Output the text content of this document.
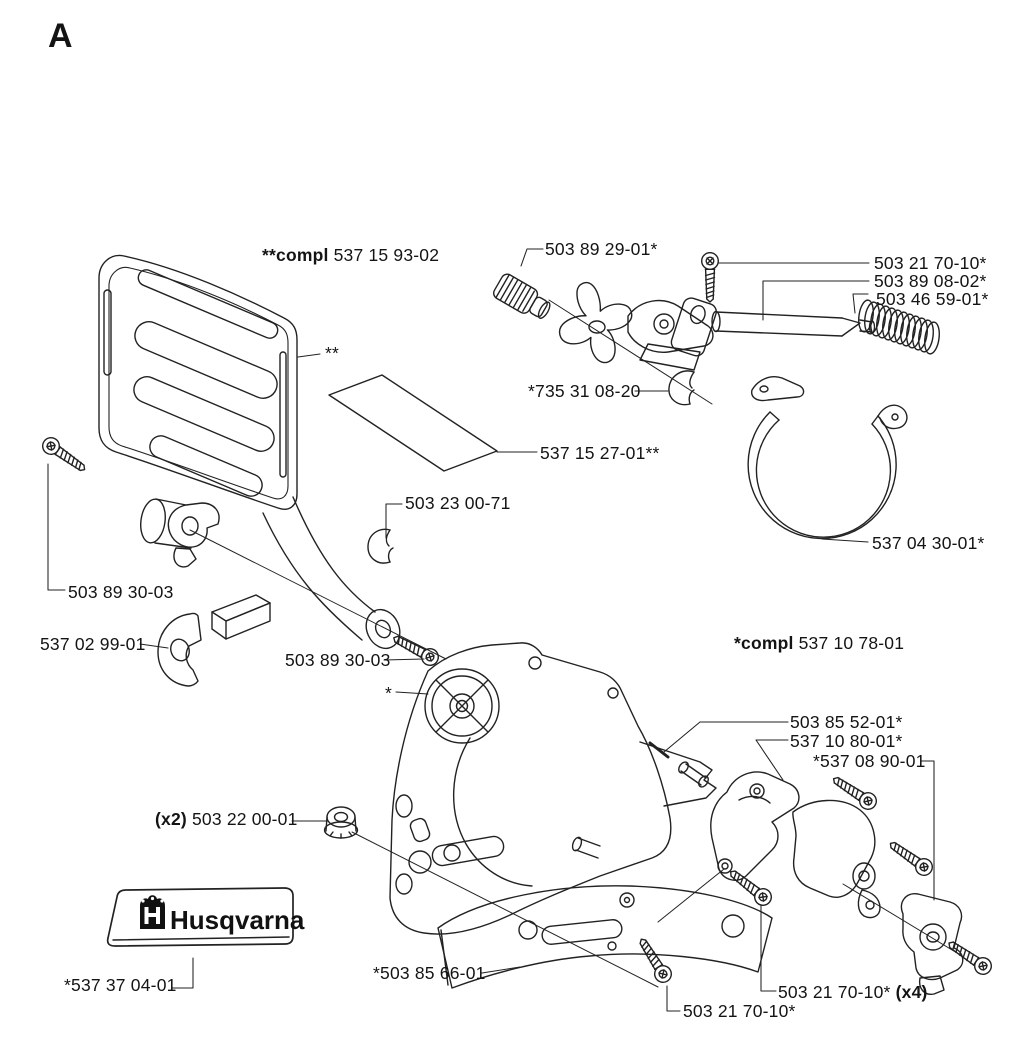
Husqvarna
A
**compl 537 15 93-02	503 89 29-01*
503 21 70-10*
503 89 08-02*
503 46 59-01*
**
*735 31 08-20
537 15 27-01**
503 23 00-71
537 04 30-01*
503 89 30-03
537 02 99-01
503 89 30-03
*compl 537 10 78-01
*
503 85 52-01*
537 10 80-01*
*537 08 90-01
(x2) 503 22 00-01
*503 85 66-01
*537 37 04-01
503 21 70-10*
503 21 70-10* (x4)
